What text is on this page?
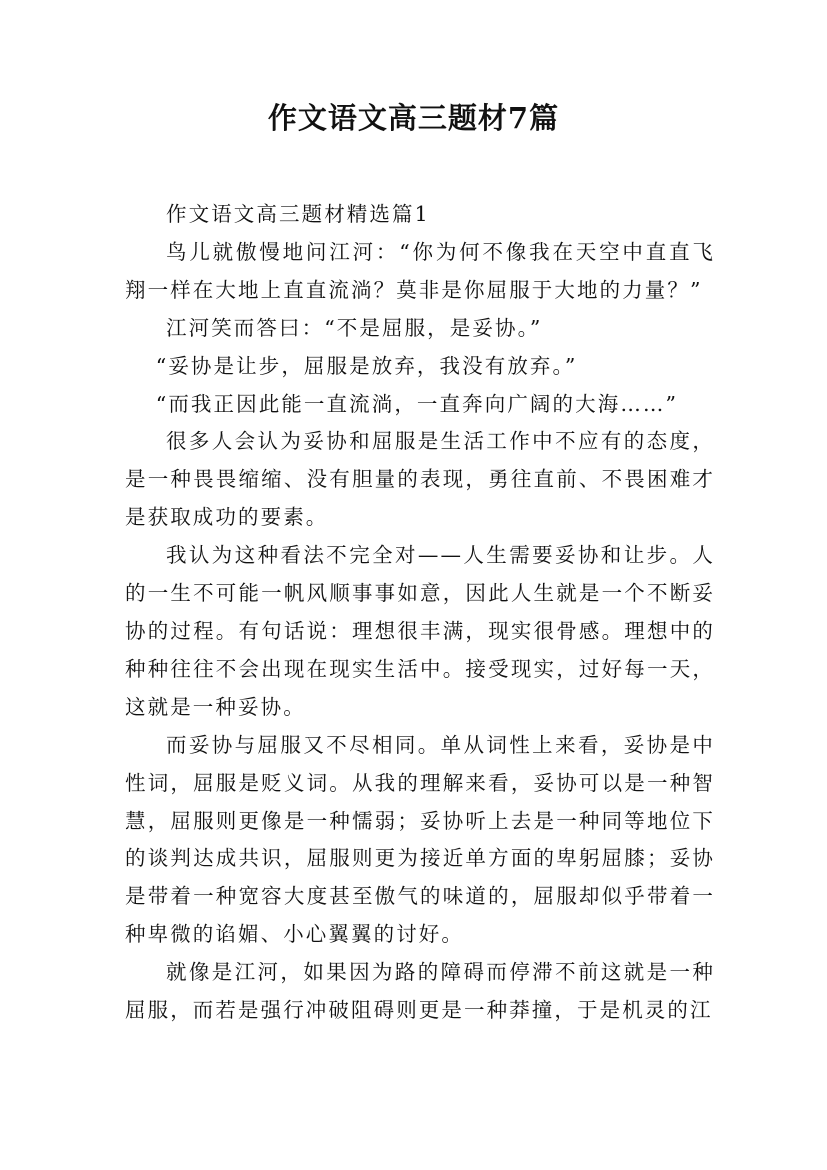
作文语文高三题材7篇

作文语文高三题材精选篇1

鸟儿就傲慢地问江河：“你为何不像我在天空中直直飞翔一样在大地上直直流淌？莫非是你屈服于大地的力量？”

江河笑而答曰：“不是屈服，是妥协。”

“妥协是让步，屈服是放弃，我没有放弃。”

“而我正因此能一直流淌，一直奔向广阔的大海……”

很多人会认为妥协和屈服是生活工作中不应有的态度，是一种畏畏缩缩、没有胆量的表现，勇往直前、不畏困难才是获取成功的要素。

我认为这种看法不完全对——人生需要妥协和让步。人的一生不可能一帆风顺事事如意，因此人生就是一个不断妥协的过程。有句话说：理想很丰满，现实很骨感。理想中的种种往往不会出现在现实生活中。接受现实，过好每一天，这就是一种妥协。

而妥协与屈服又不尽相同。单从词性上来看，妥协是中性词，屈服是贬义词。从我的理解来看，妥协可以是一种智慧，屈服则更像是一种懦弱；妥协听上去是一种同等地位下的谈判达成共识，屈服则更为接近单方面的卑躬屈膝；妥协是带着一种宽容大度甚至傲气的味道的，屈服却似乎带着一种卑微的谄媚、小心翼翼的讨好。

就像是江河，如果因为路的障碍而停滞不前这就是一种屈服，而若是强行冲破阻碍则更是一种莽撞，于是机灵的江
